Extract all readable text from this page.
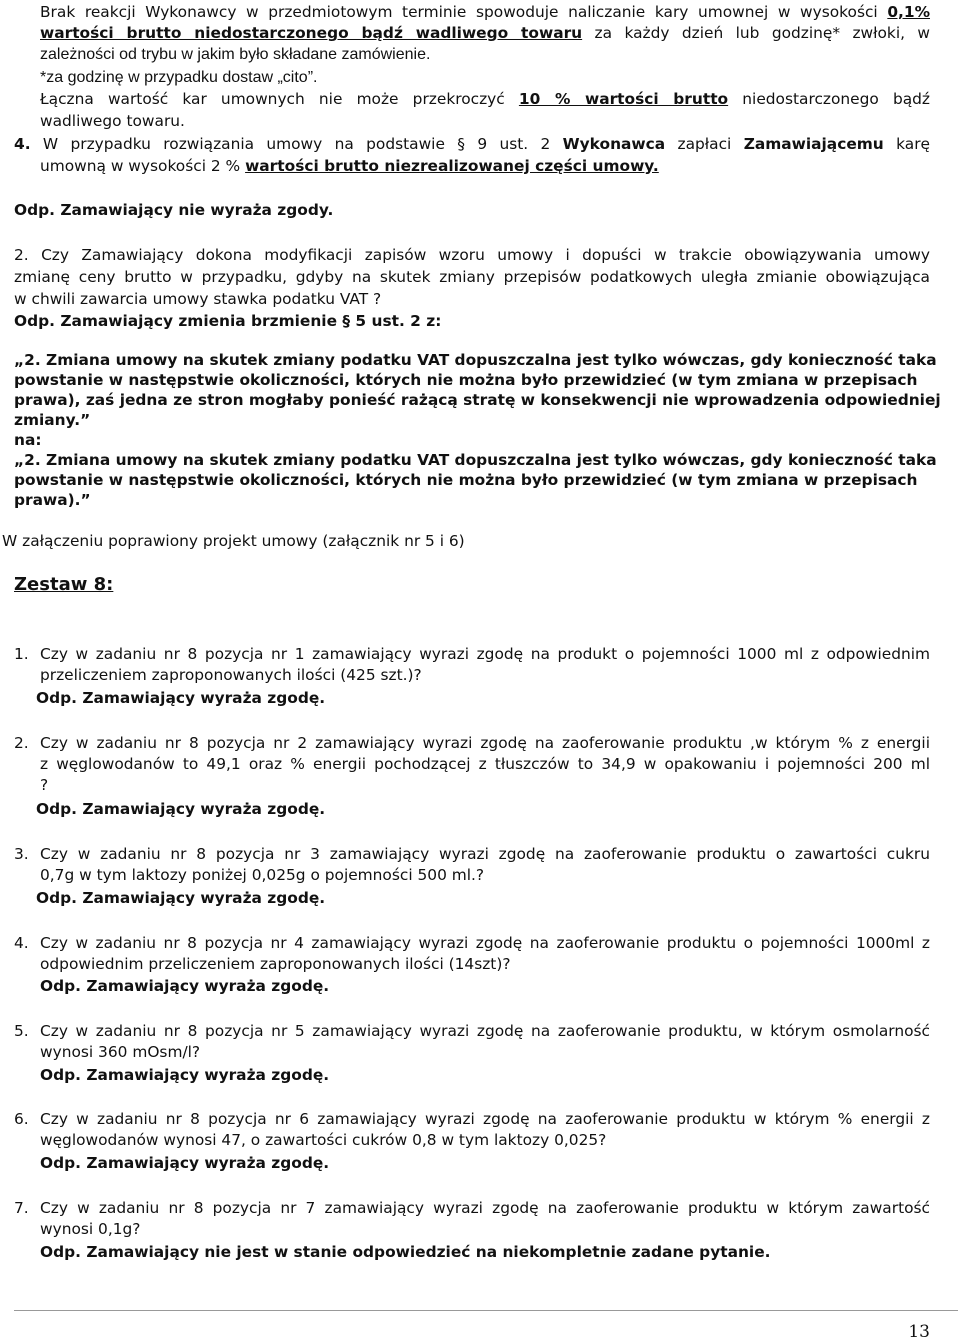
Brak reakcji Wykonawcy w przedmiotowym terminie spowoduje naliczanie kary umownej w wysokości 0,1%
wartości brutto niedostarczonego bądź wadliwego towaru za każdy dzień lub godzinę* zwłoki, w
zależności od trybu w jakim było składane zamówienie.
*za godzinę w przypadku dostaw „cito”.
Łączna wartość kar umownych nie może przekroczyć 10 % wartości brutto niedostarczonego bądź
wadliwego towaru.
4. W przypadku rozwiązania umowy na podstawie § 9 ust. 2 Wykonawca zapłaci Zamawiającemu karę
umowną w wysokości 2 % wartości brutto niezrealizowanej części umowy.
Odp. Zamawiający nie wyraża zgody.
2. Czy Zamawiający dokona modyfikacji zapisów wzoru umowy i dopuści w trakcie obowiązywania umowy
zmianę ceny brutto w przypadku, gdyby na skutek zmiany przepisów podatkowych uległa zmianie obowiązująca
w chwili zawarcia umowy stawka podatku VAT ?
Odp. Zamawiający zmienia brzmienie § 5 ust. 2 z:
„2. Zmiana umowy na skutek zmiany podatku VAT dopuszczalna jest tylko wówczas, gdy konieczność taka
powstanie w następstwie okoliczności, których nie można było przewidzieć (w tym zmiana w przepisach
prawa), zaś jedna ze stron mogłaby ponieść rażącą stratę w konsekwencji nie wprowadzenia odpowiedniej
zmiany.”
na:
„2. Zmiana umowy na skutek zmiany podatku VAT dopuszczalna jest tylko wówczas, gdy konieczność taka
powstanie w następstwie okoliczności, których nie można było przewidzieć (w tym zmiana w przepisach
prawa).”
W załączeniu poprawiony projekt umowy (załącznik nr 5 i 6)
Zestaw 8:
1. Czy w zadaniu nr 8 pozycja nr 1 zamawiający wyrazi zgodę na produkt o pojemności 1000 ml z odpowiednim
przeliczeniem zaproponowanych ilości (425 szt.)?
Odp. Zamawiający wyraża zgodę.
2. Czy w zadaniu nr 8 pozycja nr 2 zamawiający wyrazi zgodę na zaoferowanie produktu ,w którym % z energii
z węglowodanów to 49,1 oraz % energii pochodzącej z tłuszczów to 34,9 w opakowaniu i pojemności 200 ml
?
Odp. Zamawiający wyraża zgodę.
3. Czy w zadaniu nr 8 pozycja nr 3 zamawiający wyrazi zgodę na zaoferowanie produktu o zawartości cukru
0,7g w tym laktozy poniżej 0,025g o pojemności 500 ml.?
Odp. Zamawiający wyraża zgodę.
4. Czy w zadaniu nr 8 pozycja nr 4 zamawiający wyrazi zgodę na zaoferowanie produktu o pojemności 1000ml z
odpowiednim przeliczeniem zaproponowanych ilości (14szt)?
Odp. Zamawiający wyraża zgodę.
5. Czy w zadaniu nr 8 pozycja nr 5 zamawiający wyrazi zgodę na zaoferowanie produktu, w którym osmolarność
wynosi 360 mOsm/l?
Odp. Zamawiający wyraża zgodę.
6. Czy w zadaniu nr 8 pozycja nr 6 zamawiający wyrazi zgodę na zaoferowanie produktu w którym % energii z
węglowodanów wynosi 47, o zawartości cukrów 0,8 w tym laktozy 0,025?
Odp. Zamawiający wyraża zgodę.
7. Czy w zadaniu nr 8 pozycja nr 7 zamawiający wyrazi zgodę na zaoferowanie produktu w którym zawartość
wynosi 0,1g?
Odp. Zamawiający nie jest w stanie odpowiedzieć na niekompletnie zadane pytanie.
13
